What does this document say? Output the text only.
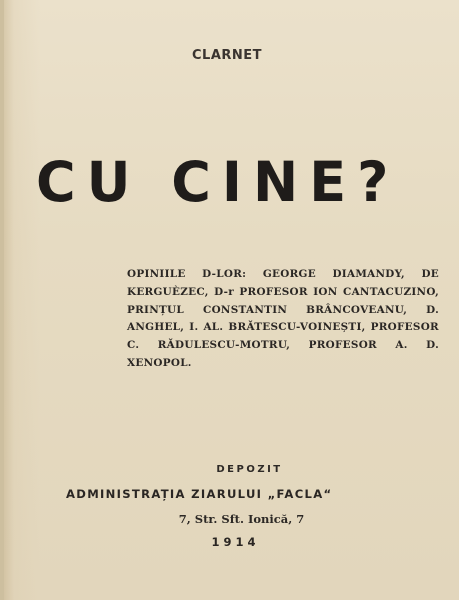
CLARNET
CU CINE?
OPINIILE D-LOR: GEORGE DIAMANDY, DE KERGUÈZEC, D-r PROFESOR ION CANTACUZINO, PRINȚUL CONSTANTIN BRÂNCOVEANU, D. ANGHEL, I. AL. BRĂTESCU-VOINEȘTI, PROFESOR C. RĂDULESCU-MOTRU, PROFESOR A. D. XENOPOL.
DEPOZIT
ADMINISTRAȚIA ZIARULUI „FACLA“
7, Str. Sft. Ionică, 7
1914
